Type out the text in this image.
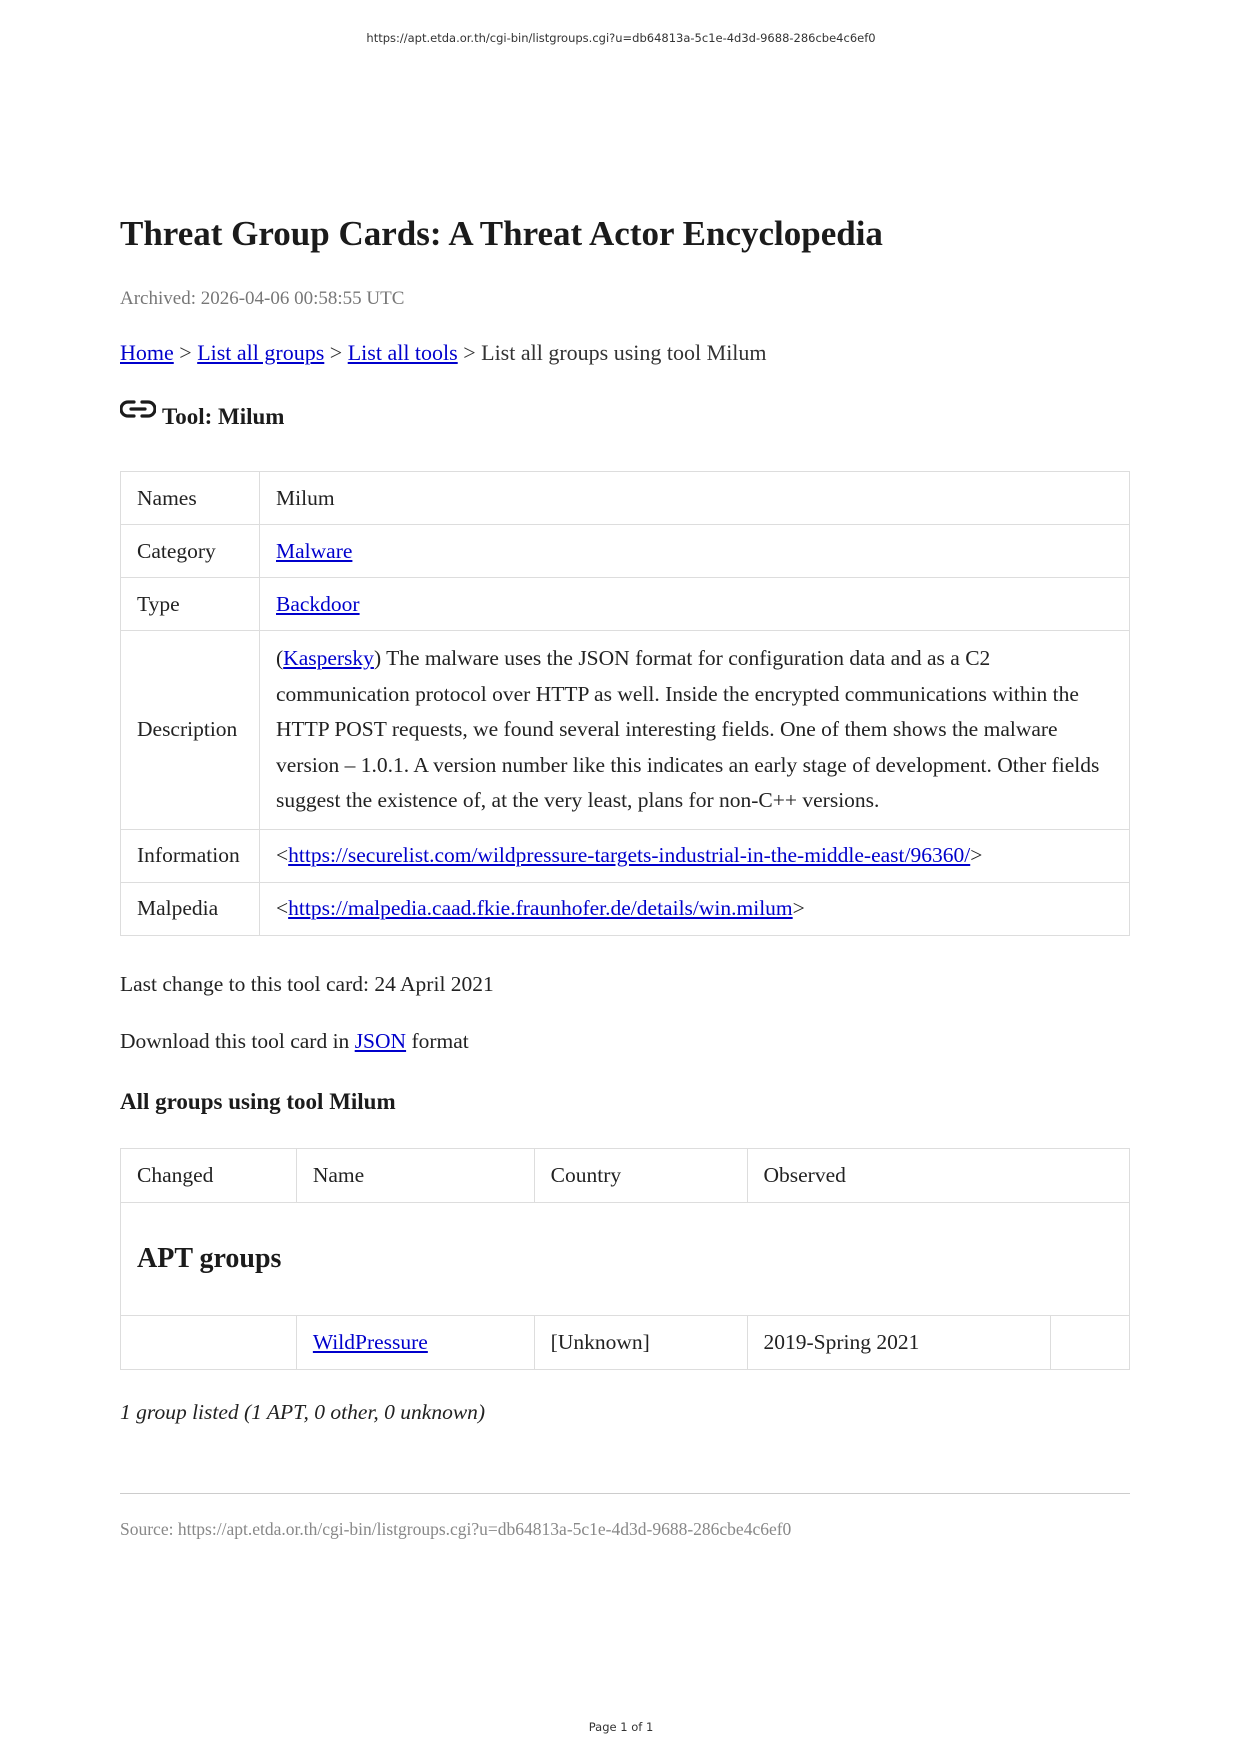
https://apt.etda.or.th/cgi-bin/listgroups.cgi?u=db64813a-5c1e-4d3d-9688-286cbe4c6ef0
Threat Group Cards: A Threat Actor Encyclopedia
Archived: 2026-04-06 00:58:55 UTC
Home > List all groups > List all tools > List all groups using tool Milum
Tool: Milum
Names	Milum
Category	Malware
Type	Backdoor
Description	(Kaspersky) The malware uses the JSON format for configuration data and as a C2 communication protocol over HTTP as well. Inside the encrypted communications within the HTTP POST requests, we found several interesting fields. One of them shows the malware version – 1.0.1. A version number like this indicates an early stage of development. Other fields suggest the existence of, at the very least, plans for non-C++ versions.
Information	<https://securelist.com/wildpressure-targets-industrial-in-the-middle-east/96360/>
Malpedia	<https://malpedia.caad.fkie.fraunhofer.de/details/win.milum>
Last change to this tool card: 24 April 2021
Download this tool card in JSON format
All groups using tool Milum
Changed	Name	Country	Observed	
APT groups				
	WildPressure	[Unknown]	2019-Spring 2021	
1 group listed (1 APT, 0 other, 0 unknown)
Source: https://apt.etda.or.th/cgi-bin/listgroups.cgi?u=db64813a-5c1e-4d3d-9688-286cbe4c6ef0
Page 1 of 1
